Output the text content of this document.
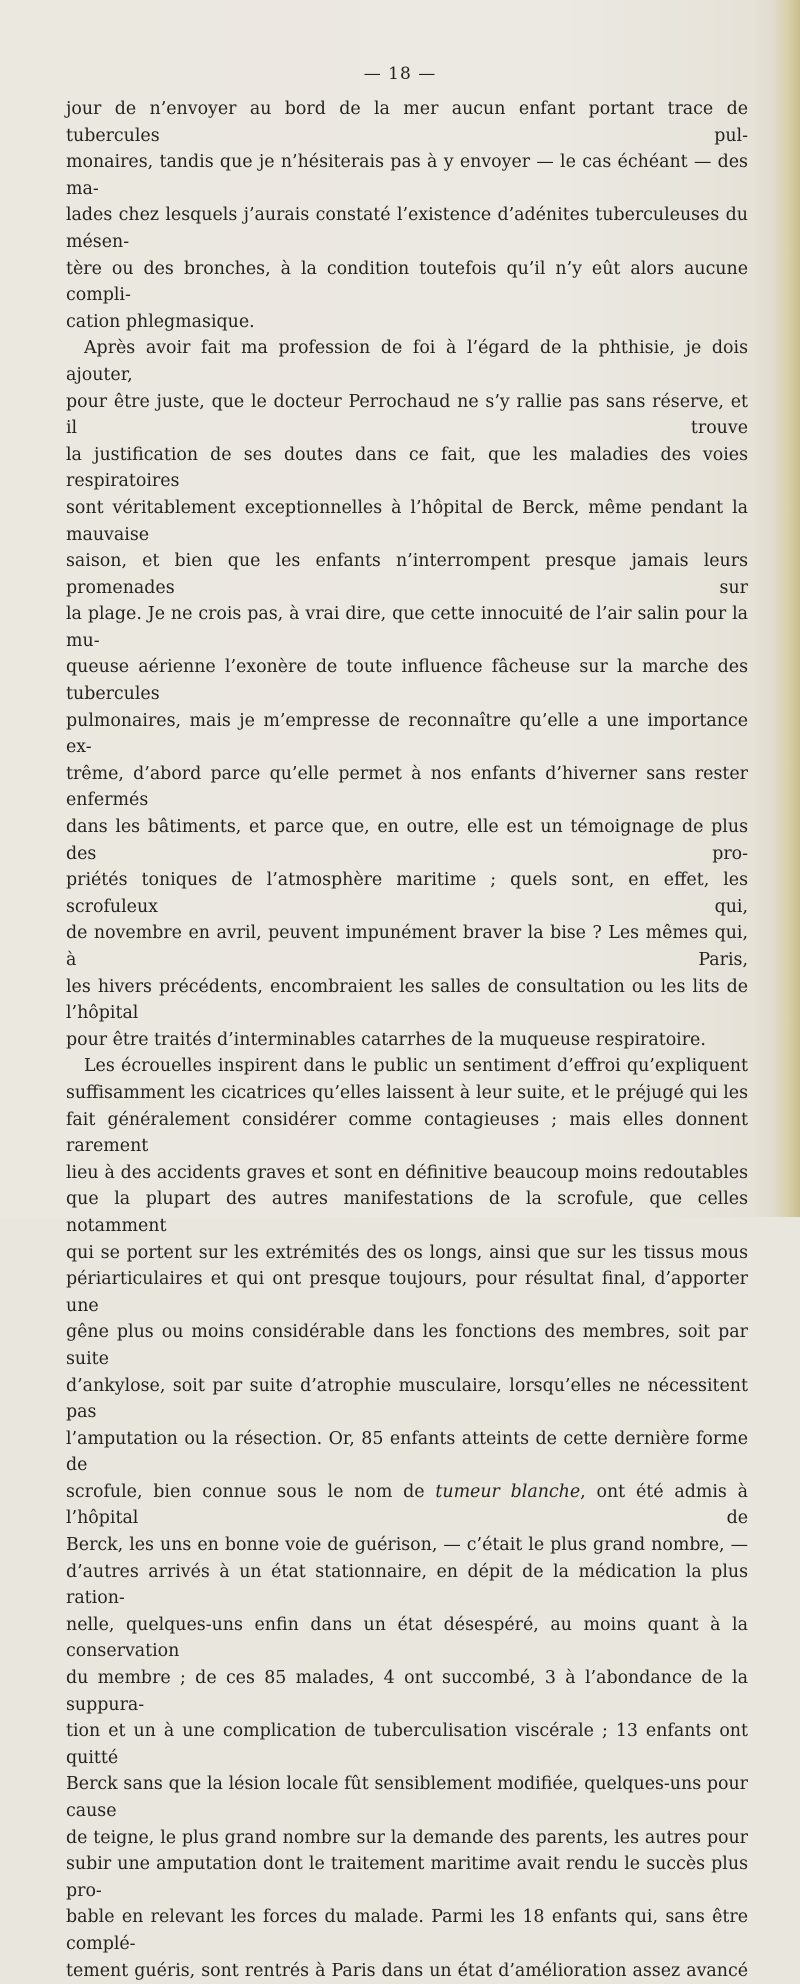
— 18 —

jour de n’envoyer au bord de la mer aucun enfant portant trace de tubercules pul-

monaires, tandis que je n’hésiterais pas à y envoyer — le cas échéant — des ma-

lades chez lesquels j’aurais constaté l’existence d’adénites tuberculeuses du mésen-

tère ou des bronches, à la condition toutefois qu’il n’y eût alors aucune compli-

cation phlegmasique.

Après avoir fait ma profession de foi à l’égard de la phthisie, je dois ajouter,

pour être juste, que le docteur Perrochaud ne s’y rallie pas sans réserve, et il trouve

la justification de ses doutes dans ce fait, que les maladies des voies respiratoires

sont véritablement exceptionnelles à l’hôpital de Berck, même pendant la mauvaise

saison, et bien que les enfants n’interrompent presque jamais leurs promenades sur

la plage. Je ne crois pas, à vrai dire, que cette innocuité de l’air salin pour la mu-

queuse aérienne l’exonère de toute influence fâcheuse sur la marche des tubercules

pulmonaires, mais je m’empresse de reconnaître qu’elle a une importance ex-

trême, d’abord parce qu’elle permet à nos enfants d’hiverner sans rester enfermés

dans les bâtiments, et parce que, en outre, elle est un témoignage de plus des pro-

priétés toniques de l’atmosphère maritime ; quels sont, en effet, les scrofuleux qui,

de novembre en avril, peuvent impunément braver la bise ? Les mêmes qui, à Paris,

les hivers précédents, encombraient les salles de consultation ou les lits de l’hôpital

pour être traités d’interminables catarrhes de la muqueuse respiratoire.

Les écrouelles inspirent dans le public un sentiment d’effroi qu’expliquent

suffisamment les cicatrices qu’elles laissent à leur suite, et le préjugé qui les

fait généralement considérer comme contagieuses ; mais elles donnent rarement

lieu à des accidents graves et sont en définitive beaucoup moins redoutables

que la plupart des autres manifestations de la scrofule, que celles notamment

qui se portent sur les extrémités des os longs, ainsi que sur les tissus mous

périarticulaires et qui ont presque toujours, pour résultat final, d’apporter une

gêne plus ou moins considérable dans les fonctions des membres, soit par suite

d’ankylose, soit par suite d’atrophie musculaire, lorsqu’elles ne nécessitent pas

l’amputation ou la résection. Or, 85 enfants atteints de cette dernière forme de

scrofule, bien connue sous le nom de tumeur blanche, ont été admis à l’hôpital de

Berck, les uns en bonne voie de guérison, — c’était le plus grand nombre, —

d’autres arrivés à un état stationnaire, en dépit de la médication la plus ration-

nelle, quelques-uns enfin dans un état désespéré, au moins quant à la conservation

du membre ; de ces 85 malades, 4 ont succombé, 3 à l’abondance de la suppura-

tion et un à une complication de tuberculisation viscérale ; 13 enfants ont quitté

Berck sans que la lésion locale fût sensiblement modifiée, quelques-uns pour cause

de teigne, le plus grand nombre sur la demande des parents, les autres pour

subir une amputation dont le traitement maritime avait rendu le succès plus pro-

bable en relevant les forces du malade. Parmi les 18 enfants qui, sans être complé-

tement guéris, sont rentrés à Paris dans un état d’amélioration assez avancé
